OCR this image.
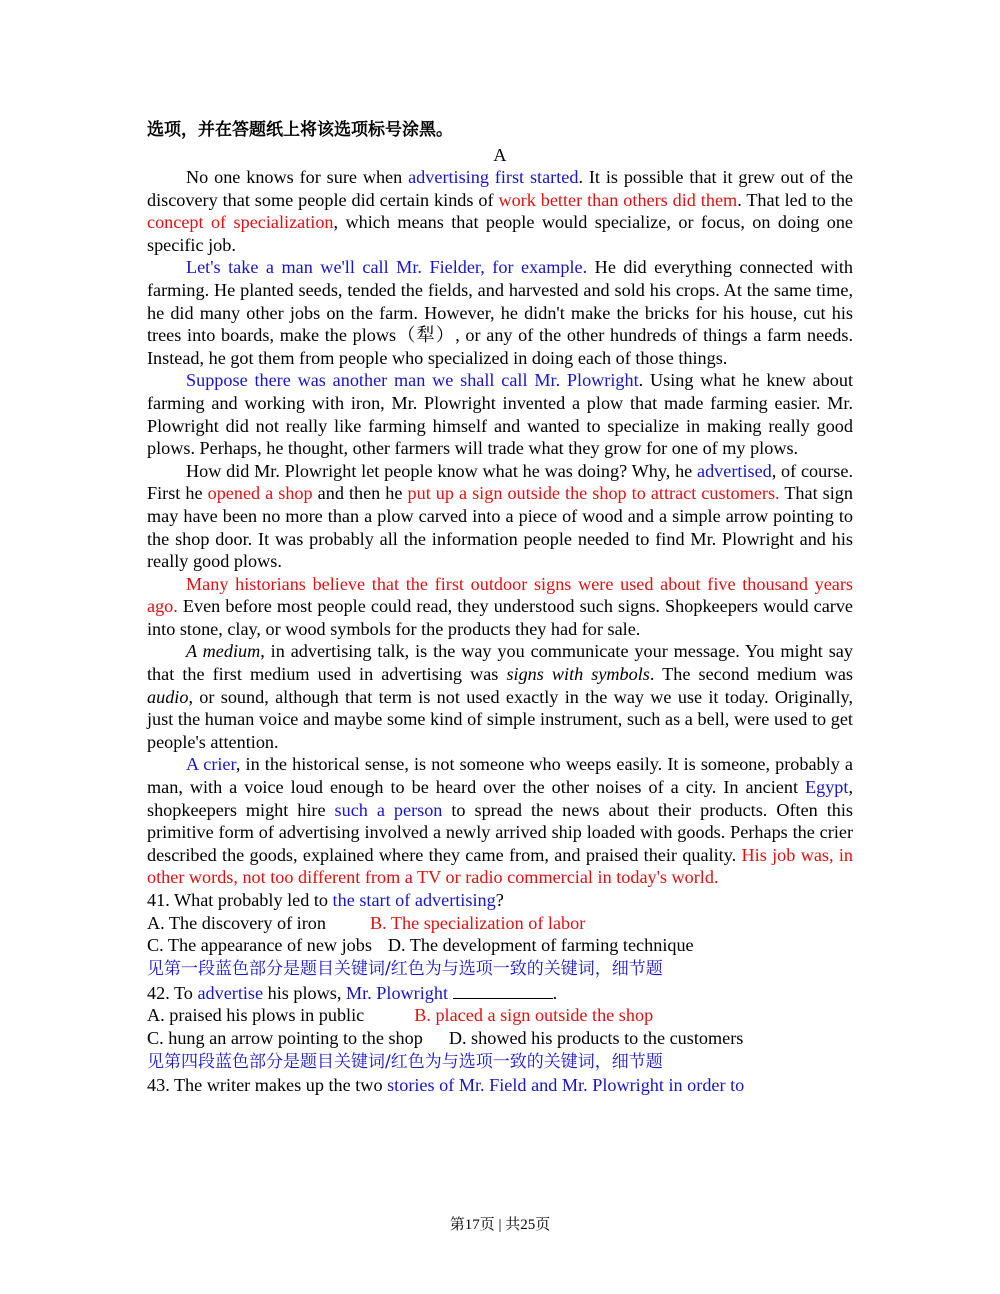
选项，并在答题纸上将该选项标号涂黑。

A

No one knows for sure when advertising first started. It is possible that it grew out of the discovery that some people did certain kinds of work better than others did them. That led to the concept of specialization, which means that people would specialize, or focus, on doing one specific job.

Let's take a man we'll call Mr. Fielder, for example. He did everything connected with farming. He planted seeds, tended the fields, and harvested and sold his crops. At the same time, he did many other jobs on the farm. However, he didn't make the bricks for his house, cut his trees into boards, make the plows（犁）, or any of the other hundreds of things a farm needs. Instead, he got them from people who specialized in doing each of those things.

Suppose there was another man we shall call Mr. Plowright. Using what he knew about farming and working with iron, Mr. Plowright invented a plow that made farming easier. Mr. Plowright did not really like farming himself and wanted to specialize in making really good plows. Perhaps, he thought, other farmers will trade what they grow for one of my plows.

How did Mr. Plowright let people know what he was doing? Why, he advertised, of course. First he opened a shop and then he put up a sign outside the shop to attract customers. That sign may have been no more than a plow carved into a piece of wood and a simple arrow pointing to the shop door. It was probably all the information people needed to find Mr. Plowright and his really good plows.

Many historians believe that the first outdoor signs were used about five thousand years ago. Even before most people could read, they understood such signs. Shopkeepers would carve into stone, clay, or wood symbols for the products they had for sale.

A medium, in advertising talk, is the way you communicate your message. You might say that the first medium used in advertising was signs with symbols. The second medium was audio, or sound, although that term is not used exactly in the way we use it today. Originally, just the human voice and maybe some kind of simple instrument, such as a bell, were used to get people's attention.

A crier, in the historical sense, is not someone who weeps easily. It is someone, probably a man, with a voice loud enough to be heard over the other noises of a city. In ancient Egypt, shopkeepers might hire such a person to spread the news about their products. Often this primitive form of advertising involved a newly arrived ship loaded with goods. Perhaps the crier described the goods, explained where they came from, and praised their quality. His job was, in other words, not too different from a TV or radio commercial in today's world.

41. What probably led to the start of advertising?

A. The discovery of iron B. The specialization of labor

C. The appearance of new jobs D. The development of farming technique

见第一段蓝色部分是题目关键词/红色为与选项一致的关键词，细节题

42. To advertise his plows, Mr. Plowright	.

A. praised his plows in public	B. placed a sign outside the shop

C. hung an arrow pointing to the shop D. showed his products to the customers

见第四段蓝色部分是题目关键词/红色为与选项一致的关键词，细节题

43. The writer makes up the two stories of Mr. Field and Mr. Plowright in order to

第17页 | 共25页
